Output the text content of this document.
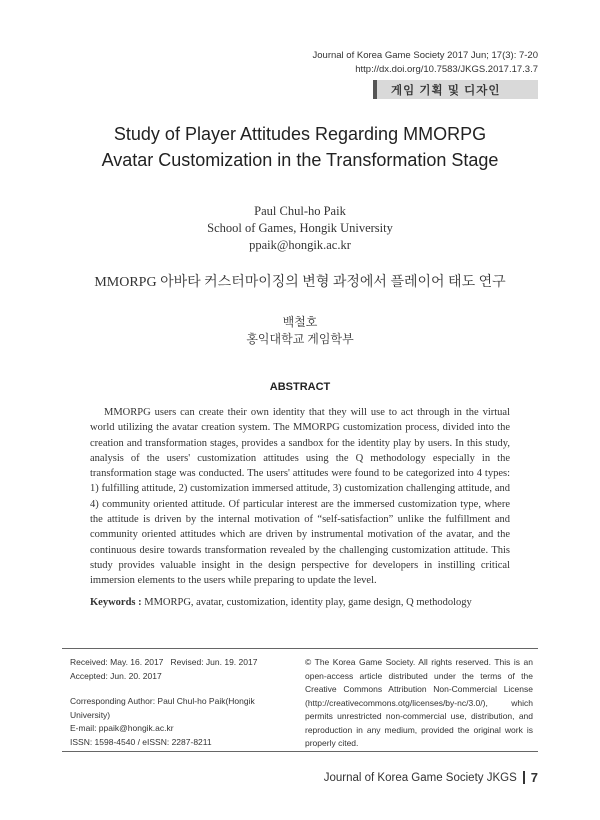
Journal of Korea Game Society 2017 Jun; 17(3): 7-20
http://dx.doi.org/10.7583/JKGS.2017.17.3.7
게임 기획 및 디자인
Study of Player Attitudes Regarding MMORPG
Avatar Customization in the Transformation Stage
Paul Chul-ho Paik
School of Games, Hongik University
ppaik@hongik.ac.kr
MMORPG 아바타 커스터마이징의 변형 과정에서 플레이어 태도 연구
백철호
홍익대학교 게임학부
ABSTRACT

MMORPG users can create their own identity that they will use to act through in the virtual world utilizing the avatar creation system. The MMORPG customization process, divided into the creation and transformation stages, provides a sandbox for the identity play by users. In this study, analysis of the users' customization attitudes using the Q methodology especially in the transformation stage was conducted. The users' attitudes were found to be categorized into 4 types: 1) fulfilling attitude, 2) customization immersed attitude, 3) customization challenging attitude, and 4) community oriented attitude. Of particular interest are the immersed customization type, where the attitude is driven by the internal motivation of “self-satisfaction” unlike the fulfillment and community oriented attitudes which are driven by instrumental motivation of the avatar, and the continuous desire towards transformation revealed by the challenging customization attitude. This study provides valuable insight in the design perspective for developers in instilling critical immersion elements to the users while preparing to update the level.

Keywords : MMORPG, avatar, customization, identity play, game design, Q methodology
Received: May. 16. 2017   Revised: Jun. 19. 2017
Accepted: Jun. 20. 2017
Corresponding Author: Paul Chul-ho Paik(Hongik University)
E-mail: ppaik@hongik.ac.kr
ISSN: 1598-4540 / eISSN: 2287-8211

© The Korea Game Society. All rights reserved. This is an open-access article distributed under the terms of the Creative Commons Attribution Non-Commercial License (http://creativecommons.otg/licenses/by-nc/3.0/), which permits unrestricted non-commercial use, distribution, and reproduction in any medium, provided the original work is properly cited.

Journal of Korea Game Society JKGS 7
